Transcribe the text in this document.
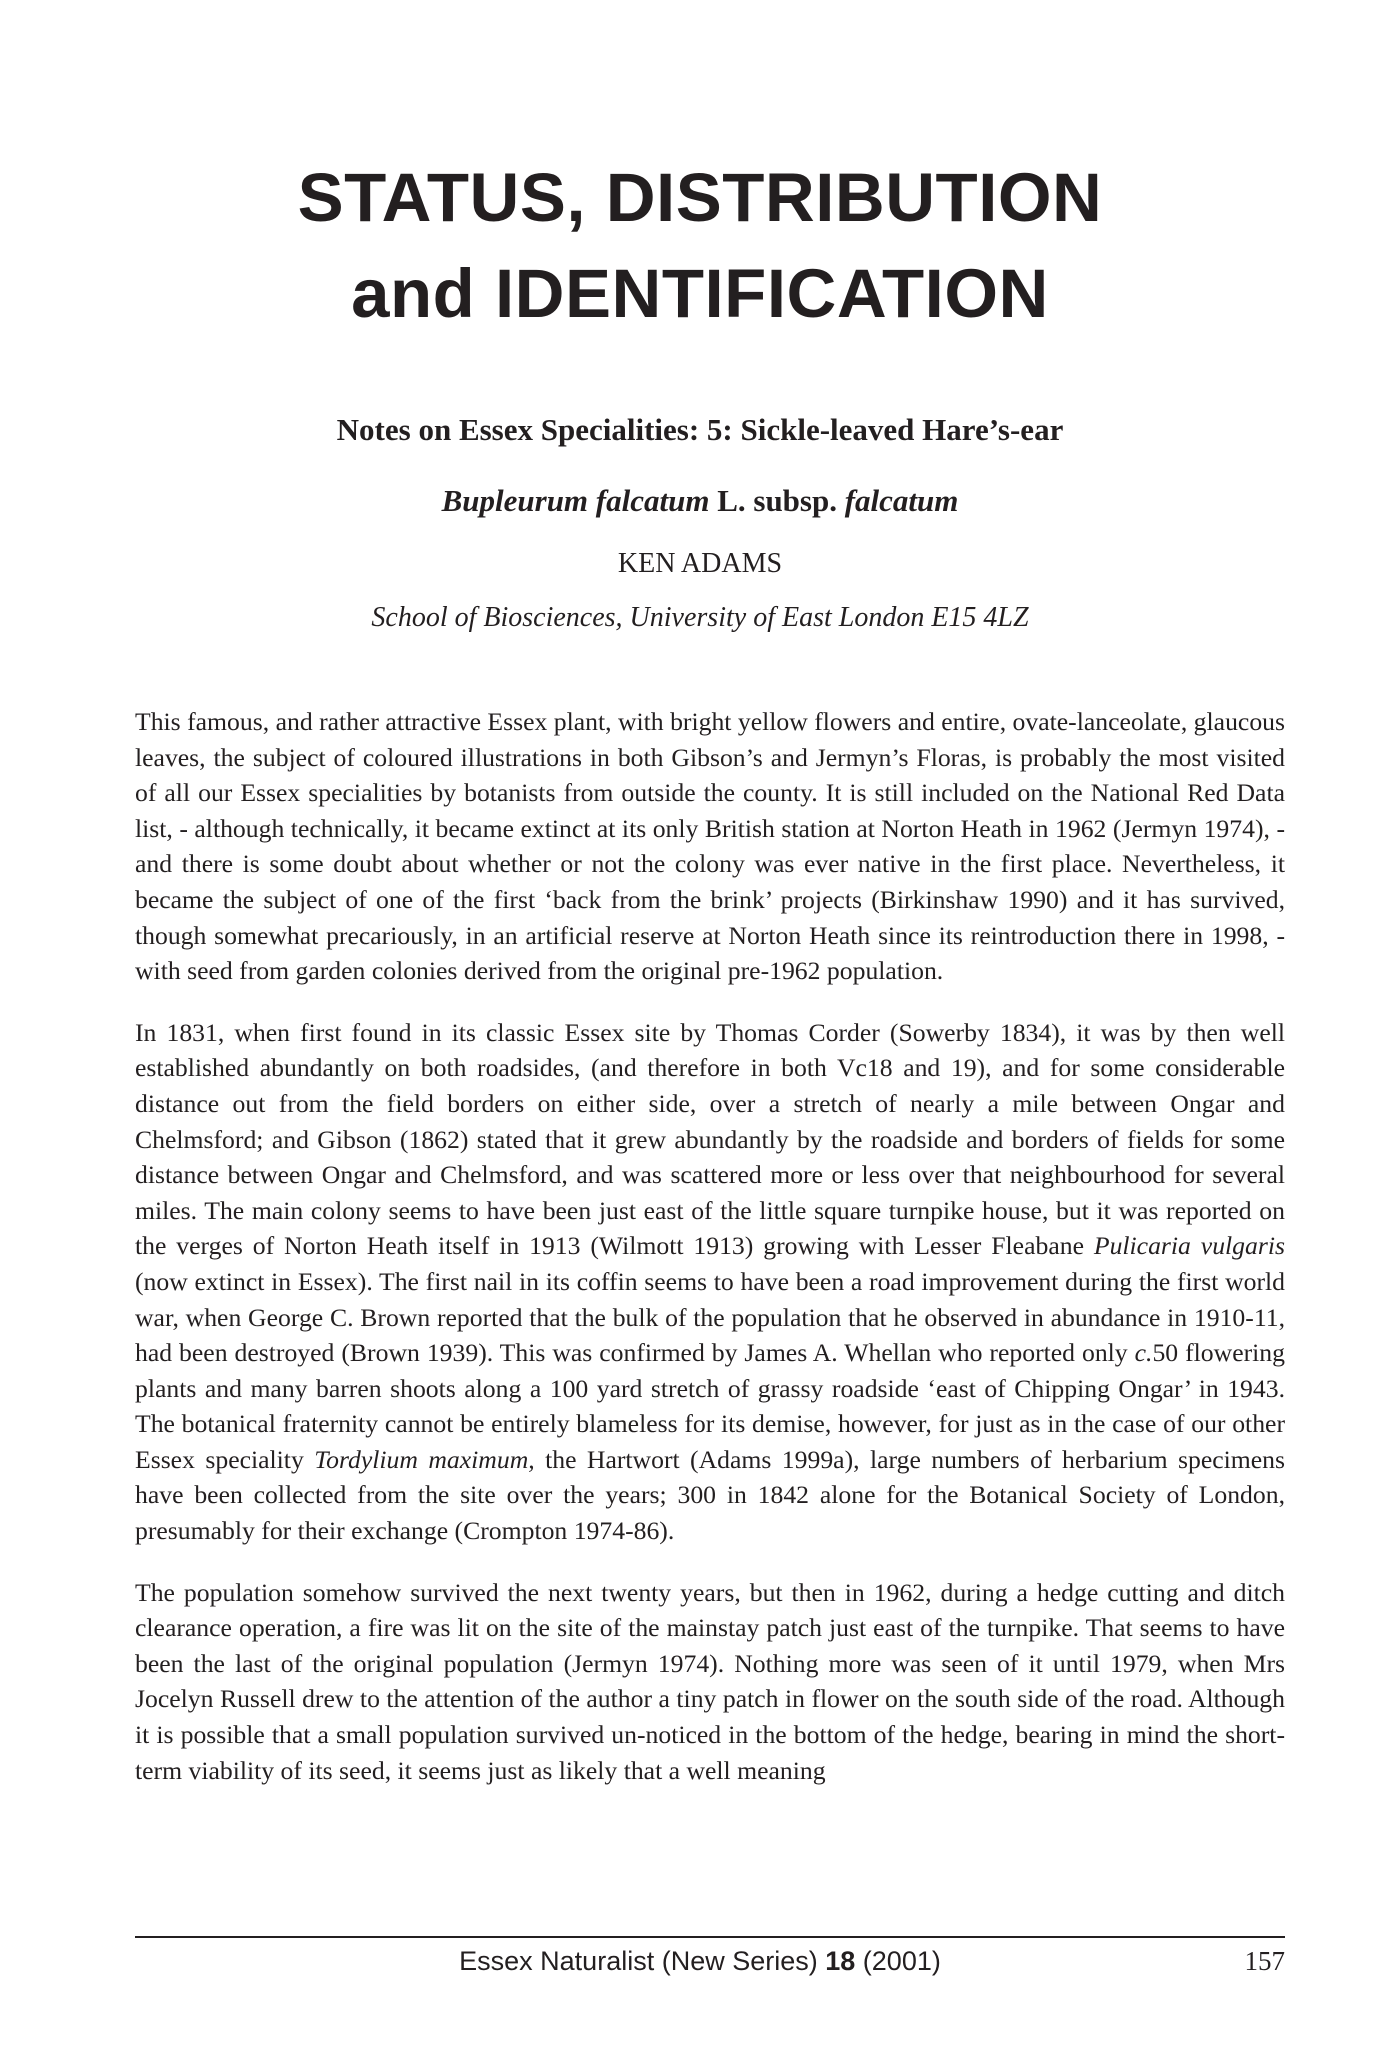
STATUS, DISTRIBUTION
and IDENTIFICATION
Notes on Essex Specialities: 5: Sickle-leaved Hare’s-ear
Bupleurum falcatum L. subsp. falcatum
KEN ADAMS
School of Biosciences, University of East London E15 4LZ

This famous, and rather attractive Essex plant, with bright yellow flowers and entire, ovate-lanceolate, glaucous leaves, the subject of coloured illustrations in both Gibson’s and Jermyn’s Floras, is probably the most visited of all our Essex specialities by botanists from outside the county. It is still included on the National Red Data list, - although technically, it became extinct at its only British station at Norton Heath in 1962 (Jermyn 1974), - and there is some doubt about whether or not the colony was ever native in the first place. Nevertheless, it became the subject of one of the first ‘back from the brink’ projects (Birkinshaw 1990) and it has survived, though somewhat precariously, in an artificial reserve at Norton Heath since its reintroduction there in 1998, - with seed from garden colonies derived from the original pre-1962 population.

In 1831, when first found in its classic Essex site by Thomas Corder (Sowerby 1834), it was by then well established abundantly on both roadsides, (and therefore in both Vc18 and 19), and for some considerable distance out from the field borders on either side, over a stretch of nearly a mile between Ongar and Chelmsford; and Gibson (1862) stated that it grew abundantly by the roadside and borders of fields for some distance between Ongar and Chelmsford, and was scattered more or less over that neighbourhood for several miles. The main colony seems to have been just east of the little square turnpike house, but it was reported on the verges of Norton Heath itself in 1913 (Wilmott 1913) growing with Lesser Fleabane Pulicaria vulgaris (now extinct in Essex). The first nail in its coffin seems to have been a road improvement during the first world war, when George C. Brown reported that the bulk of the population that he observed in abundance in 1910-11, had been destroyed (Brown 1939). This was confirmed by James A. Whellan who reported only c.50 flowering plants and many barren shoots along a 100 yard stretch of grassy roadside ‘east of Chipping Ongar’ in 1943. The botanical fraternity cannot be entirely blameless for its demise, however, for just as in the case of our other Essex speciality Tordylium maximum, the Hartwort (Adams 1999a), large numbers of herbarium specimens have been collected from the site over the years; 300 in 1842 alone for the Botanical Society of London, presumably for their exchange (Crompton 1974-86).

The population somehow survived the next twenty years, but then in 1962, during a hedge cutting and ditch clearance operation, a fire was lit on the site of the mainstay patch just east of the turnpike. That seems to have been the last of the original population (Jermyn 1974). Nothing more was seen of it until 1979, when Mrs Jocelyn Russell drew to the attention of the author a tiny patch in flower on the south side of the road. Although it is possible that a small population survived un-noticed in the bottom of the hedge, bearing in mind the short-term viability of its seed, it seems just as likely that a well meaning

Essex Naturalist (New Series) 18 (2001)	157
